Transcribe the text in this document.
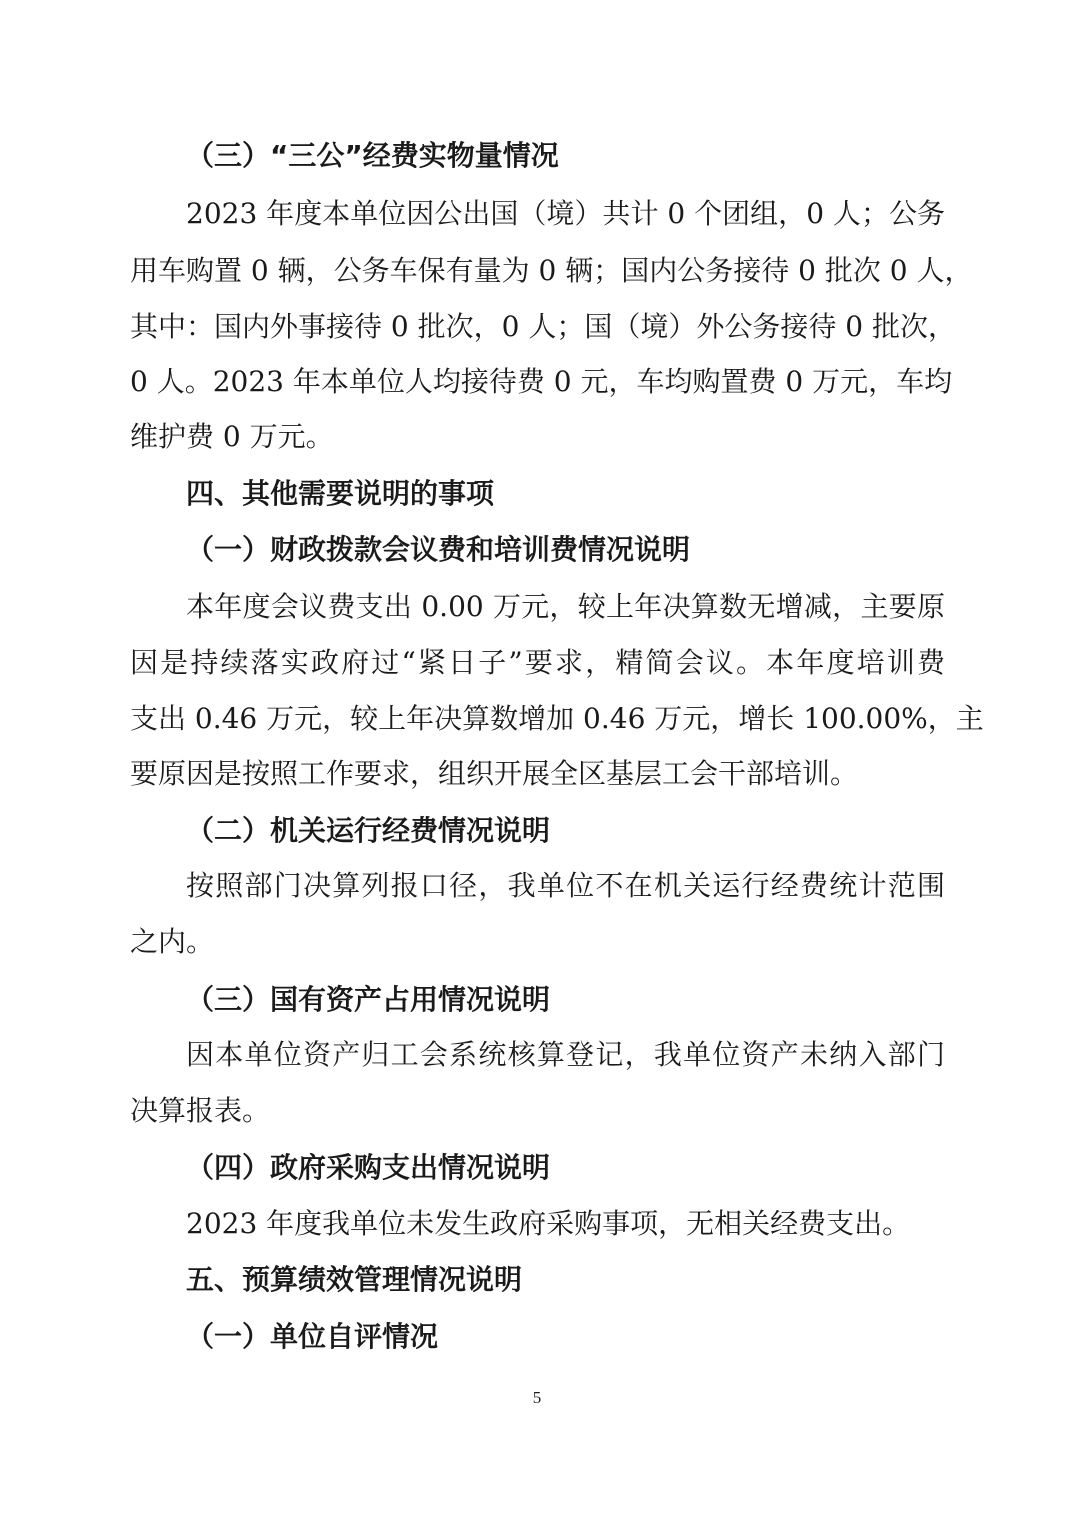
（三）“三公”经费实物量情况
2023 年度本单位因公出国（境）共计 0 个团组，0 人；公务
用车购置 0 辆，公务车保有量为 0 辆；国内公务接待 0 批次 0 人，
其中：国内外事接待 0 批次，0 人；国（境）外公务接待 0 批次，
0 人。2023 年本单位人均接待费 0 元，车均购置费 0 万元，车均
维护费 0 万元。
四、其他需要说明的事项
（一）财政拨款会议费和培训费情况说明
本年度会议费支出 0.00 万元，较上年决算数无增减，主要原
因是持续落实政府过“紧日子”要求，精简会议。本年度培训费
支出 0.46 万元，较上年决算数增加 0.46 万元，增长 100.00%，主
要原因是按照工作要求，组织开展全区基层工会干部培训。
（二）机关运行经费情况说明
按照部门决算列报口径，我单位不在机关运行经费统计范围
之内。
（三）国有资产占用情况说明
因本单位资产归工会系统核算登记，我单位资产未纳入部门
决算报表。
（四）政府采购支出情况说明
2023 年度我单位未发生政府采购事项，无相关经费支出。
五、预算绩效管理情况说明
（一）单位自评情况
5
